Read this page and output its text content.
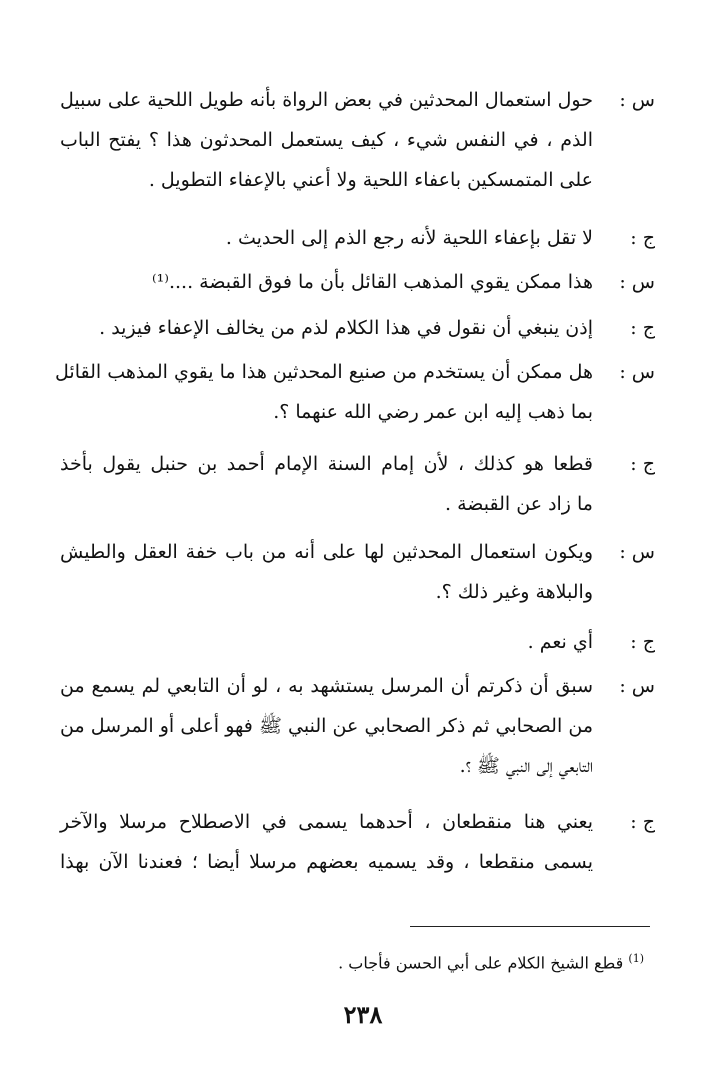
س :
حول استعمال المحدثين في بعض الرواة بأنه طويل اللحية على سبيل
الذم ، في النفس شيء ، كيف يستعمل المحدثون هذا ؟ يفتح الباب
على المتمسكين باعفاء اللحية ولا أعني بالإعفاء التطويل .
ج :
لا تقل بإعفاء اللحية لأنه رجع الذم إلى الحديث .
س :
هذا ممكن يقوي المذهب القائل بأن ما فوق القبضة ....⁽¹⁾
ج :
إذن ينبغي أن نقول في هذا الكلام لذم من يخالف الإعفاء فيزيد .
س :
هل ممكن أن يستخدم من صنيع المحدثين هذا ما يقوي المذهب القائل
بما ذهب إليه ابن عمر رضي الله عنهما ؟.
ج :
قطعا هو كذلك ، لأن إمام السنة الإمام أحمد بن حنبل يقول بأخذ
ما زاد عن القبضة .
س :
ويكون استعمال المحدثين لها على أنه من باب خفة العقل والطيش
والبلاهة وغير ذلك ؟.
ج :
أي نعم .
س :
سبق أن ذكرتم أن المرسل يستشهد به ، لو أن التابعي لم يسمع من
من الصحابي ثم ذكر الصحابي عن النبي ﷺ فهو أعلى أو المرسل من
التابعي إلى النبي ﷺ ؟.
ج :
يعني هنا منقطعان ، أحدهما يسمى في الاصطلاح مرسلا والآخر
يسمى منقطعا ، وقد يسميه بعضهم مرسلا أيضا ؛ فعندنا الآن بهذا
$^{(1)}$ قطع الشيخ الكلام على أبي الحسن فأجاب .
٢٣٨
